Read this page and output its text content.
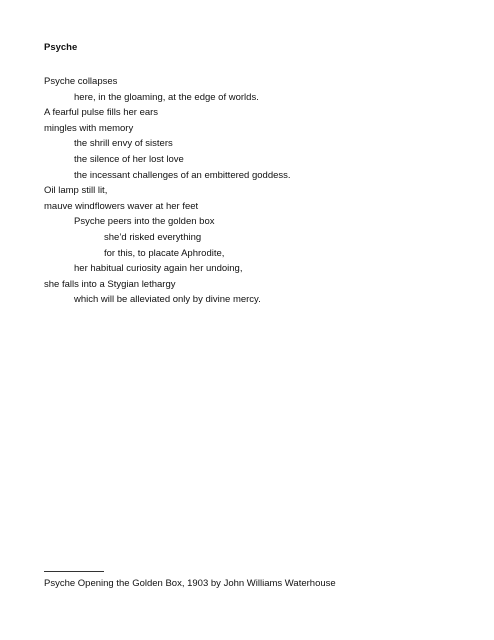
Psyche
Psyche collapses
here, in the gloaming, at the edge of worlds.
A fearful pulse fills her ears
mingles with memory
the shrill envy of sisters
the silence of her lost love
the incessant challenges of an embittered goddess.
Oil lamp still lit,
mauve windflowers waver at her feet
Psyche peers into the golden box
she’d risked everything
for this, to placate Aphrodite,
her habitual curiosity again her undoing,
she falls into a Stygian lethargy
which will be alleviated only by divine mercy.
Psyche Opening the Golden Box, 1903 by John Williams Waterhouse
